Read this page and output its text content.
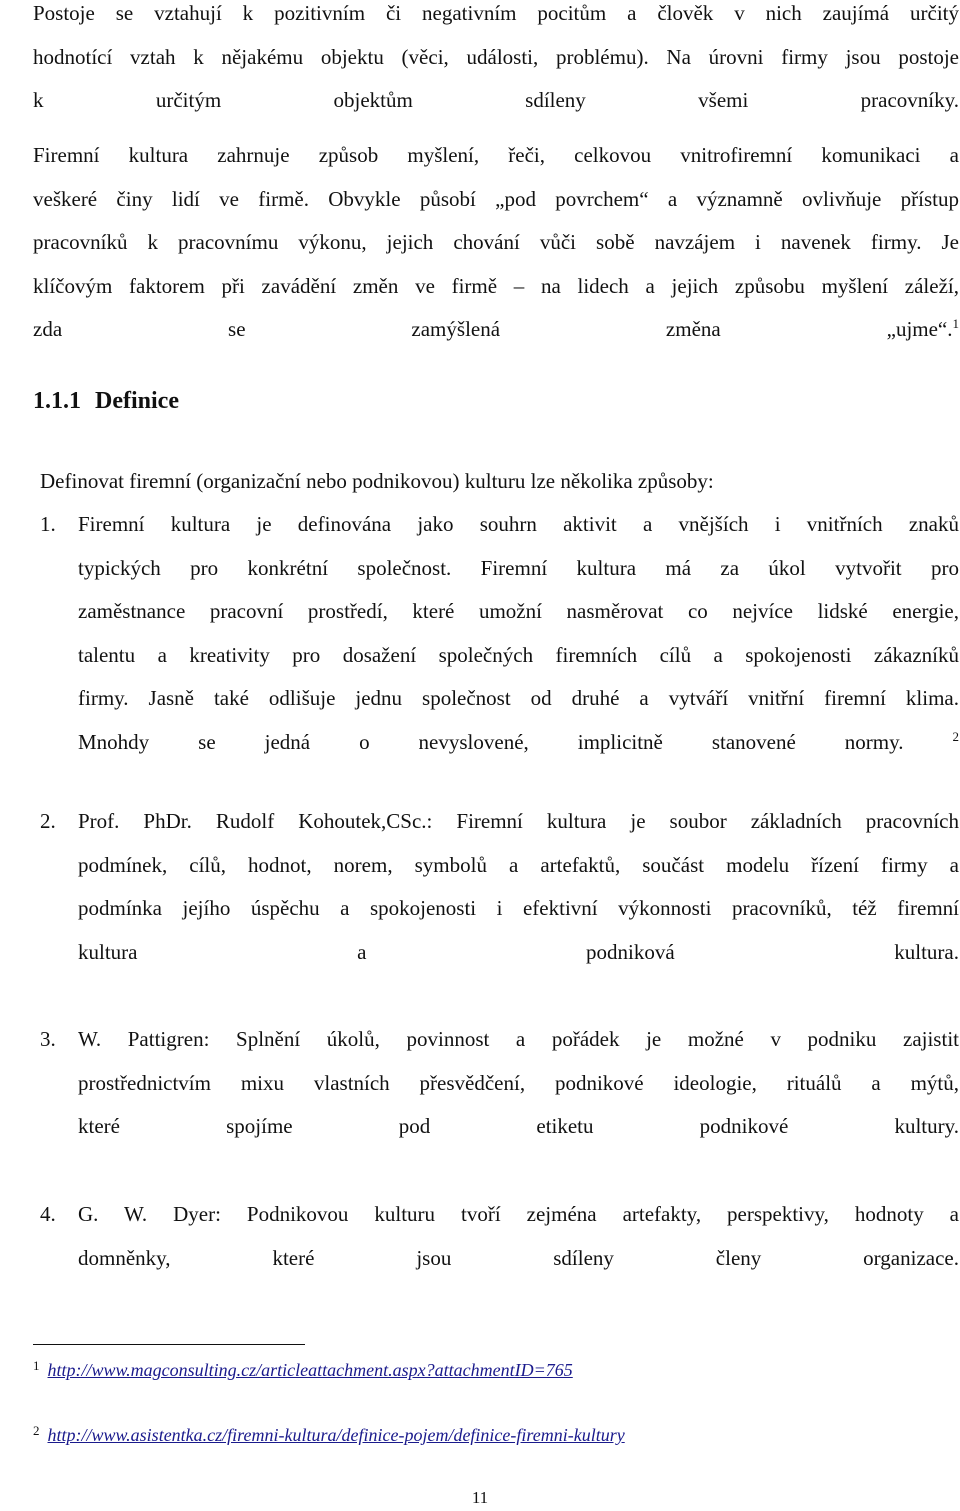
Postoje se vztahují k pozitivním či negativním pocitům a člověk v nich zaujímá určitý
hodnotící vztah k nějakému objektu (věci, události, problému). Na úrovni firmy jsou postoje
k určitým objektům sdíleny všemi pracovníky.
Firemní kultura zahrnuje způsob myšlení, řeči, celkovou vnitrofiremní komunikaci a
veškeré činy lidí ve firmě. Obvykle působí „pod povrchem“ a významně ovlivňuje přístup
pracovníků k pracovnímu výkonu, jejich chování vůči sobě navzájem i navenek firmy. Je
klíčovým faktorem při zavádění změn ve firmě – na lidech a jejich způsobu myšlení záleží,
zda se zamýšlená změna „ujme“.$^1$
1.1.1 Definice

Definovat firemní (organizační nebo podnikovou) kulturu lze několika způsoby:

1. Firemní kultura je definována jako souhrn aktivit a vnějších i vnitřních znaků
typických pro konkrétní společnost. Firemní kultura má za úkol vytvořit pro
zaměstnance pracovní prostředí, které umožní nasměrovat co nejvíce lidské energie,
talentu a kreativity pro dosažení společných firemních cílů a spokojenosti zákazníků
firmy. Jasně také odlišuje jednu společnost od druhé a vytváří vnitřní firemní klima.
Mnohdy se jedná o nevyslovené, implicitně stanovené normy.	$^2$
2. Prof. PhDr. Rudolf Kohoutek,CSc.: Firemní kultura je soubor základních pracovních
podmínek, cílů, hodnot, norem, symbolů a artefaktů, součást modelu řízení firmy a
podmínka jejího úspěchu a spokojenosti i efektivní výkonnosti pracovníků, též firemní
kultura a podniková kultura.
3. W. Pattigren: Splnění úkolů, povinnost a pořádek je možné v podniku zajistit
prostřednictvím mixu vlastních přesvědčení, podnikové ideologie, rituálů a mýtů,
které spojíme pod etiketu podnikové kultury.
4. G. W. Dyer: Podnikovou kulturu tvoří zejména artefakty, perspektivy, hodnoty a
domněnky, které jsou sdíleny členy organizace.

$^1$ http://www.magconsulting.cz/articleattachment.aspx?attachmentID=765

$^2$ http://www.asistentka.cz/firemni-kultura/definice-pojem/definice-firemni-kultury

11
